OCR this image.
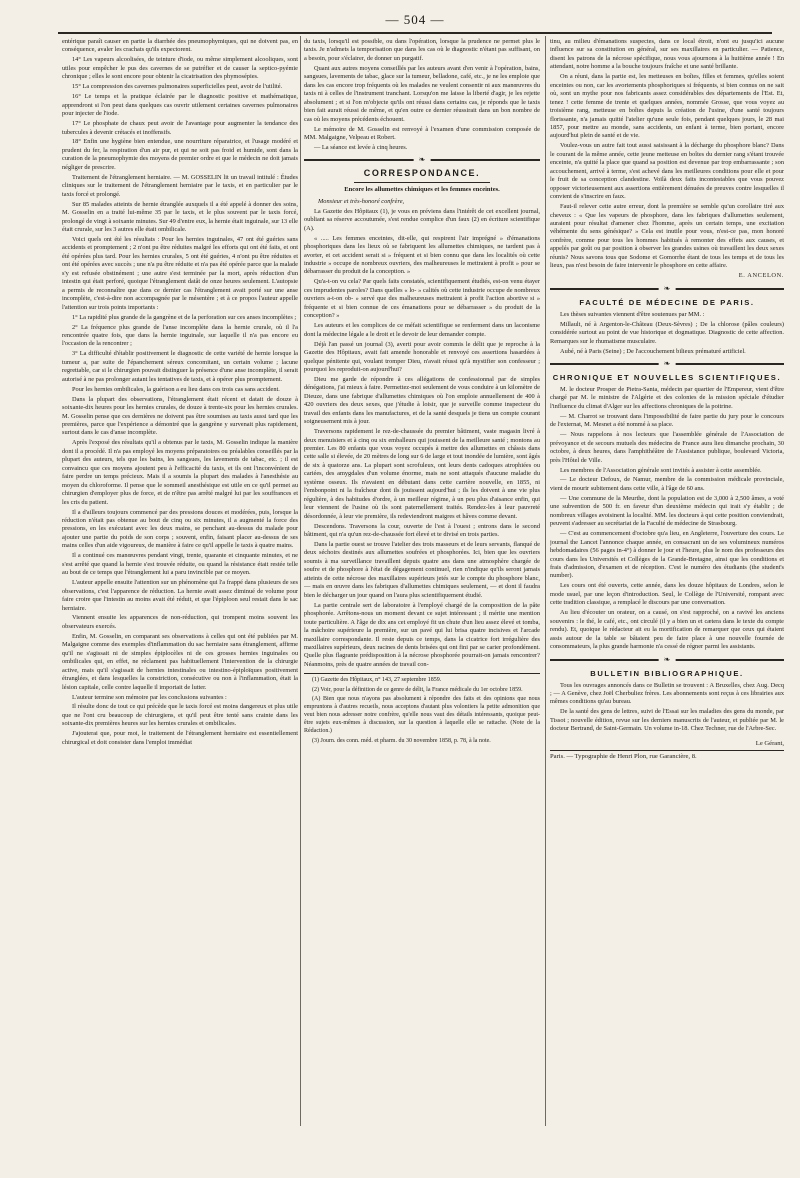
— 504 —

entérique paraît causer en partie la diarrhée des pneumophymiques, qui ne doivent pas, en conséquence, avaler les crachats qu'ils expectorent.

14° Les vapeurs alcoolisées, de teinture d'iode, ou même simplement alcooliques, sont utiles pour empêcher le pus des cavernes de se putréfier et de causer la septico-pyémie chronique ; elles le sont encore pour obtenir la cicatrisation des phymosépies.

15° La compression des cavernes pulmonaires superficielles peut, avoir de l'utilité.

16° Le temps et la pratique éclairée par le diagnostic positive et mathématique, apprendront si l'on peut dans quelques cas ouvrir utilement certaines cavernes pulmonaires pour injecter de l'iode.

17° Le phosphate de chaux peut avoir de l'avantage pour augmenter la tendance des tubercules à devenir crétacés et inoffensifs.

18° Enfin une hygiène bien entendue, une nourriture réparatrice, et l'usage modéré et prudent du fer, la respiration d'un air pur, et qui ne soit pas froid et humide, sont dans la curation de la pneumophymie des moyens de premier ordre et que le médecin ne doit jamais négliger de prescrire.

Traitement de l'étranglement herniaire. — M. GOSSELIN lit un travail intitulé : Études cliniques sur le traitement de l'étranglement herniaire par le taxis, et en particulier par le taxis forcé et prolongé.

Sur 85 malades atteints de hernie étranglée auxquels il a été appelé à donner des soins, M. Gosselin en a traité lui-même 35 par le taxis, et le plus souvent par le taxis forcé, prolongé de vingt à soixante minutes. Sur 49 d'entre eux, la hernie était inguinale, sur 13 elle était crurale, sur les 3 autres elle était ombilicale.

Voici quels ont été les résultats : Pour les hernies inguinales, 47 ont été guéries sans accidents et promptement ; 2 n'ont pu être réduites malgré les efforts qui ont été faits, et ont été opérées plus tard. Pour les hernies crurales, 5 ont été guéries, 4 n'ont pu être réduites et ont été opérées avec succès ; une n'a pu être réduite et n'a pas été opérée parce que la malade s'y est refusée obstinément ; une autre s'est terminée par la mort, après réduction d'un intestin qui était perforé, quoique l'étranglement datât de onze heures seulement. L'autopsie a permis de reconnaître que dans ce dernier cas l'étranglement avait porté sur une anse incomplète, c'est-à-dire non accompagnée par le mésentère ; et à ce propos l'auteur appelle l'attention sur trois points importants :

1° La rapidité plus grande de la gangrène et de la perforation sur ces anses incomplètes ;

2° La fréquence plus grande de l'anse incomplète dans la hernie crurale, où il l'a rencontrée quatre fois, que dans la hernie inguinale, sur laquelle il n'a pas encore eu l'occasion de la rencontrer ;

3° La difficulté d'établir positivement le diagnostic de cette variété de hernie lorsque la tumeur a, par suite de l'épanchement séreux concomitant, un certain volume ; lacune regrettable, car si le chirurgien pouvait distinguer la présence d'une anse incomplète, il serait autorisé à ne pas prolonger autant les tentatives de taxis, et à opérer plus promptement.

Pour les hernies ombilicales, la guérison a eu lieu dans ces trois cas sans accident.

Dans la plupart des observations, l'étranglement était récent et datait de douze à soixante-dix heures pour les hernies crurales, de douze à trente-six pour les hernies crurales. M. Gosselin pense que ces dernières ne doivent pas être soumises au taxis aussi tard que les premières, parce que l'expérience a démontré que la gangrène y survenait plus rapidement, surtout dans le cas d'anse incomplète.

Après l'exposé des résultats qu'il a obtenus par le taxis, M. Gosselin indique la manière dont il a procédé. Il n'a pas employé les moyens préparatoires ou préalables conseillés par la plupart des auteurs, tels que les bains, les sangsues, les lavements de tabac, etc. ; il est convaincu que ces moyens ajoutent peu à l'efficacité du taxis, et ils ont l'inconvénient de faire perdre un temps précieux. Mais il a soumis la plupart des malades à l'anesthésie au moyen du chloroforme. Il pense que le sommeil anesthésique est utile en ce qu'il permet au chirurgien d'employer plus de force, et de n'être pas arrêté malgré lui par les souffrances et les cris du patient.

Il a d'ailleurs toujours commencé par des pressions douces et modérées, puis, lorsque la réduction n'était pas obtenue au bout de cinq ou six minutes, il a augmenté la force des pressions, en les exécutant avec les deux mains, se penchant au-dessus du malade pour ajouter une partie du poids de son corps ; souvent, enfin, faisant placer au-dessus de ses mains celles d'un aide vigoureux, de manière à faire ce qu'il appelle le taxis à quatre mains.

Il a continué ces manœuvres pendant vingt, trente, quarante et cinquante minutes, et ne s'est arrêté que quand la hernie s'est trouvée réduite, ou quand la résistance était restée telle au bout de ce temps que l'étranglement lui a paru invincible par ce moyen.

L'auteur appelle ensuite l'attention sur un phénomène qui l'a frappé dans plusieurs de ses observations, c'est l'apparence de réduction. La hernie avait assez diminué de volume pour faire croire que l'intestin au moins avait été réduit, et que l'épiploon seul restait dans le sac herniaire.

Viennent ensuite les apparences de non-réduction, qui trompent moins souvent les observateurs exercés.

Enfin, M. Gosselin, en comparant ses observations à celles qui ont été publiées par M. Malgaigne comme des exemples d'inflammation du sac herniaire sans étranglement, affirme qu'il ne s'agissait ni de simples épiplocèles ni de ces grosses hernies inguinales ou ombilicales qui, en effet, ne réclament pas habituellement l'intervention de la chirurgie active, mais qu'il s'agissait de hernies intestinales ou intestino-épiploïques positivement étranglées, et dans lesquelles la constriction, consécutive ou non à l'inflammation, était la lésion capitale, celle contre laquelle il importait de lutter.

L'auteur termine son mémoire par les conclusions suivantes :

Il résulte donc de tout ce qui précède que le taxis forcé est moins dangereux et plus utile que ne l'ont cru beaucoup de chirurgiens, et qu'il peut être tenté sans crainte dans les soixante-dix premières heures sur les hernies crurales et ombilicales.

J'ajouterai que, pour moi, le traitement de l'étranglement herniaire est essentiellement chirurgical et doit consister dans l'emploi immédiat

du taxis, lorsqu'il est possible, ou dans l'opération, lorsque la prudence ne permet plus le taxis. Je n'admets la temporisation que dans les cas où le diagnostic n'étant pas suffisant, on a besoin, pour s'éclairer, de donner un purgatif.

Quant aux autres moyens conseillés par les auteurs avant d'en venir à l'opération, bains, sangsues, lavements de tabac, glace sur la tumeur, belladone, café, etc., je ne les emploie que dans les cas encore trop fréquents où les malades ne veulent consentir ni aux manœuvres du taxis ni à celles de l'instrument tranchant. Lorsqu'on me laisse la liberté d'agir, je les rejette absolument ; et si l'on m'objecte qu'ils ont réussi dans certains cas, je réponds que le taxis bien fait aurait réussi de même, et qu'en outre ce dernier réussirait dans un bon nombre de cas où les moyens précédents échouent.

Le mémoire de M. Gosselin est renvoyé à l'examen d'une commission composée de MM. Malgaigne, Velpeau et Robert.

— La séance est levée à cinq heures.

❧
CORRESPONDANCE.
Encore les allumettes chimiques et les femmes enceintes.

Monsieur et très-honoré confrère,

La Gazette des Hôpitaux (1), je vous en préviens dans l'intérêt de cet excellent journal, oubliant sa réserve accoutumée, s'est rendue complice d'un faux (2) en écriture scientifique (A).

« ..... Les femmes enceintes, dit-elle, qui respirent l'air imprégné » d'émanations phosphoriques dans les lieux où se fabriquent les allumettes chimiques, ne tardent pas à avorter, et cet accident serait si » fréquent et si bien connu que dans les localités où cette industrie » occupe de nombreux ouvriers, des malheureuses le mettraient à profit » pour se débarrasser du produit de la conception. »

Qu'a-t-on vu cela? Par quels faits constatés, scientifiquement étudiés, est-on venu étayer ces imprudentes paroles? Dans quelles « lo- » calités où cette industrie occupe de nombreux ouvriers a-t-on ob- » servé que des malheureuses mettraient à profit l'action abortive si » fréquente et si bien connue de ces émanations pour se débarrasser » du produit de la conception? »

Les auteurs et les complices de ce méfait scientifique se renferment dans un laconisme dont la médecine légale a le droit et le devoir de leur demander compte.

Déjà l'an passé un journal (3), averti pour avoir commis le délit que je reproche à la Gazette des Hôpitaux, avait fait amende honorable et renvoyé ces assertions hasardées à quelque pénitente qui, voulant tromper Dieu, n'avait réussi qu'à mystifier son confesseur ; pourquoi les reproduit-on aujourd'hui?

Dieu me garde de répondre à ces allégations de confessionnal par de simples dénégations, j'ai mieux à faire. Permettez-moi seulement de vous conduire à un kilomètre de Dieuze, dans une fabrique d'allumettes chimiques où l'on emploie annuellement de 400 à 420 ouvriers des deux sexes, que j'étudie à loisir, que je surveille comme inspecteur du travail des enfants dans les manufactures, et de la santé desquels je tiens un compte courant soigneusement mis à jour.

Traversons rapidement le rez-de-chaussée du premier bâtiment, vaste magasin livré à deux menuisiers et à cinq ou six emballeurs qui jouissent de la meilleure santé ; montons au premier. Les 80 enfants que vous voyez occupés à mettre des allumettes en châssis dans cette salle si élevée, de 20 mètres de long sur 6 de large et tout inondée de lumière, sont âgés de six à quatorze ans. La plupart sont scrofuleux, ont leurs dents cadoques atrophiées ou cariées, des amygdales d'un volume énorme, mais ne sont attaqués d'aucune maladie du système osseux. Ils n'avaient en débutant dans cette carrière nouvelle, en 1855, ni l'embonpoint ni la fraîcheur dont ils jouissent aujourd'hui ; ils les doivent à une vie plus régulière, à des habitudes d'ordre, à un meilleur régime, à un peu plus d'aisance enfin, qui leur viennent de l'usine où ils sont paternellement traités. Rendez-les à leur pauvreté désordonnée, à leur vie première, ils redeviendront maigres et hâves comme devant.

Descendons. Traversons la cour, ouverte de l'est à l'ouest ; entrons dans le second bâtiment, qui n'a qu'un rez-de-chaussée fort élevé et te divisé en trois parties.

Dans la partie ouest se trouve l'atelier des trois masseurs et de leurs servants, flanqué de deux séchoirs destinés aux allumettes soufrées et phosphorées. Ici, bien que les ouvriers soumis à ma surveillance travaillent depuis quatre ans dans une atmosphère chargée de soufre et de phosphore à l'état de dégagement continuel, rien n'indique qu'ils seront jamais atteints de cette nécrose des maxillaires supérieurs jetés sur le compte du phosphore blanc, — mais en œuvre dans les fabriques d'allumettes chimiques seulement, — et dont il faudra bien le décharger un jour quand on l'aura plus scientifiquement étudié.

La partie centrale sert de laboratoire à l'employé chargé de la composition de la pâte phosphorée. Arrêtons-nous un moment devant ce sujet intéressant ; il mérite une mention toute particulière. A l'âge de dix ans cet employé fit un chute d'un lieu assez élevé et tomba, la mâchoire supérieure la première, sur un pavé qui lui brisa quatre incisives et l'arcade maxillaire correspondante. Il reste depuis ce temps, dans la cicatrice fort irrégulière des maxillaires supérieurs, deux racines de dents brisées qui ont fini par se carier profondément. Quelle plus flagrante prédisposition à la nécrose phosphorée pourrait-on jamais rencontrer? Néanmoins, près de quatre années de travail con-

(1) Gazette des Hôpitaux, n° 143, 27 septembre 1859.

(2) Voir, pour la définition de ce genre de délit, la France médicale du 1er octobre 1859.

(A) Bien que nous n'ayons pas absolument à répondre des faits et des opinions que nous empruntons à d'autres recueils, nous acceptons d'autant plus volontiers la petite admonition que veut bien nous adresser notre confrère, qu'elle nous vaut des détails intéressants, quoique peut-être sujets eux-mêmes à discussion, sur la question à laquelle elle se rattache. (Note de la Rédaction.)

(3) Journ. des conn. méd. et pharm. du 30 novembre 1858, p. 78, à la note.

tinu, au milieu d'émanations suspectes, dans ce local étroit, n'ont eu jusqu'ici aucune influence sur sa constitution en général, sur ses maxillaires en particulier. — Patience, disent les patrons de la nécrose spécifique, nous vous ajournons à la huitième année ! En attendant, notre homme a la bouche toujours fraîche et une santé brillante.

On a réuni, dans la partie est, les metteuses en boîtes, filles et femmes, qu'elles soient enceintes ou non, car les avortements phosphoriques si fréquents, si bien connus on ne sait où, sont un mythe pour nos fabricants assez considérables des départements de l'Est. Et, tenez ! cette femme de trente et quelques années, nommée Grosse, que vous voyez au troisième rang, metteuse en boîtes depuis la création de l'usine, d'une santé toujours florissante, n'a jamais quitté l'atelier qu'une seule fois, pendant quelques jours, le 28 mai 1857, pour mettre au monde, sans accidents, un enfant à terme, bien portant, encore aujourd'hui plein de santé et de vie.

Voulez-vous un autre fait tout aussi saisissant à la décharge du phosphore blanc? Dans le courant de la même année, cette jeune metteuse en boîtes du dernier rang s'étant trouvée enceinte, n'a quitté la place que quand sa position est devenue par trop embarrassante ; son accouchement, arrivé à terme, s'est achevé dans les meilleures conditions pour elle et pour le fruit de sa conception clandestine. Voilà deux faits incontestables que vous pouvez opposer victorieusement aux assertions entièrement dénuées de preuves contre lesquelles il convient de s'inscrire en faux.

Faut-il relever cette autre erreur, dont la première se semble qu'un corollaire tiré aux cheveux : « Que les vapeurs de phosphore, dans les fabriques d'allumettes seulement, auraient pour résultat d'amener chez l'homme, après un certain temps, une excitation véhémente du sens génésique? » Cela est inutile pour vous, n'est-ce pas, mon honoré confrère, comme pour tous les hommes habitués à remonter des effets aux causes, et appelés par goût ou par position à observer les grandes usines où travaillent les deux sexes réunis? Nous savons tous que Sodome et Gomorrhe étant de tous les temps et de tous les lieux, pas n'est besoin de faire intervenir le phosphore en cette affaire.

E. ANCELON.

❧
FACULTÉ DE MÉDECINE DE PARIS.

Les thèses suivantes viennent d'être soutenues par MM. :

Millault, né à Argenton-le-Château (Deux-Sèvres) ; De la chlorose (pâles couleurs) considérée surtout au point de vue historique et dogmatique. Diagnostic de cette affection. Remarques sur le rhumatisme musculaire.

Aubé, né à Paris (Seine) ; De l'accouchement bilieux prématuré artificiel.

❧
CHRONIQUE ET NOUVELLES SCIENTIFIQUES.

M. le docteur Prosper de Pietra-Santa, médecin par quartier de l'Empereur, vient d'être chargé par M. le ministre de l'Algérie et des colonies de la mission spéciale d'étudier l'influence du climat d'Alger sur les affections chroniques de la poitrine.

— M. Charrot se trouvant dans l'impossibilité de faire partie du jury pour le concours de l'externat, M. Mesnet a été nommé à sa place.

— Nous rappelons à nos lecteurs que l'assemblée générale de l'Association de prévoyance et de secours mutuels des médecins de France aura lieu dimanche prochain, 30 octobre, à deux heures, dans l'amphithéâtre de l'Assistance publique, boulevard Victoria, près l'Hôtel de Ville.

Les membres de l'Association générale sont invités à assister à cette assemblée.

— Le docteur Defoux, de Namur, membre de la commission médicale provinciale, vient de mourir subitement dans cette ville, à l'âge de 60 ans.

— Une commune de la Meurthe, dont la population est de 3,000 à 2,500 âmes, a voté une subvention de 500 fr. en faveur d'un deuxième médecin qui irait s'y établir ; de nombreux villages avoisinent la localité. MM. les docteurs à qui cette position conviendrait, peuvent s'adresser au secrétariat de la Faculté de médecine de Strasbourg.

— C'est au commencement d'octobre qu'a lieu, en Angleterre, l'ouverture des cours. Le journal the Lancet l'annonce chaque année, en consacrant un de ses volumineux numéros hebdomadaires (56 pages in-4°) à donner le jour et l'heure, plus le nom des professeurs des cours dans les Universités et Collèges de la Grande-Bretagne, ainsi que les conditions et frais d'admission, d'examen et de réception. C'est le numéro des étudiants (the student's number).

Les cours ont été ouverts, cette année, dans les douze hôpitaux de Londres, selon le mode usuel, par une leçon d'introduction. Seul, le Collège de l'Université, rompant avec cette tradition classique, a remplacé le discours par une conversation.

Au lieu d'écouter un orateur, on a causé, on s'est rapproché, on a ravivé les anciens souvenirs : le thé, le café, etc., ont circulé (il y a bien un et cætera dans le texte du compte rendu). Et, quoique le rédacteur ait eu la mortification de remarquer que ceux qui étaient assis autour de la table se bâtaient peu de faire place à une nouvelle fournée de consommateurs, la plus grande harmonie n'a cessé de régner parmi les assistants.

❧
BULLETIN BIBLIOGRAPHIQUE.

Tous les ouvrages annoncés dans ce Bulletin se trouvent : A Bruxelles, chez Aug. Decq ; — A Genève, chez Joël Cherbuliez frères. Les abonnements sont reçus à ces librairies aux mêmes conditions qu'au bureau.

De la santé des gens de lettres, suivi de l'Essai sur les maladies des gens du monde, par Tissot ; nouvelle édition, revue sur les derniers manuscrits de l'auteur, et publiée par M. le docteur Bertrand, de Saint-Germain. Un volume in-18. Chez Techner, rue de l'Arbre-Sec.

Le Gérant,
Paris. — Typographie de Henri Plon, rue Garancière, 8.
